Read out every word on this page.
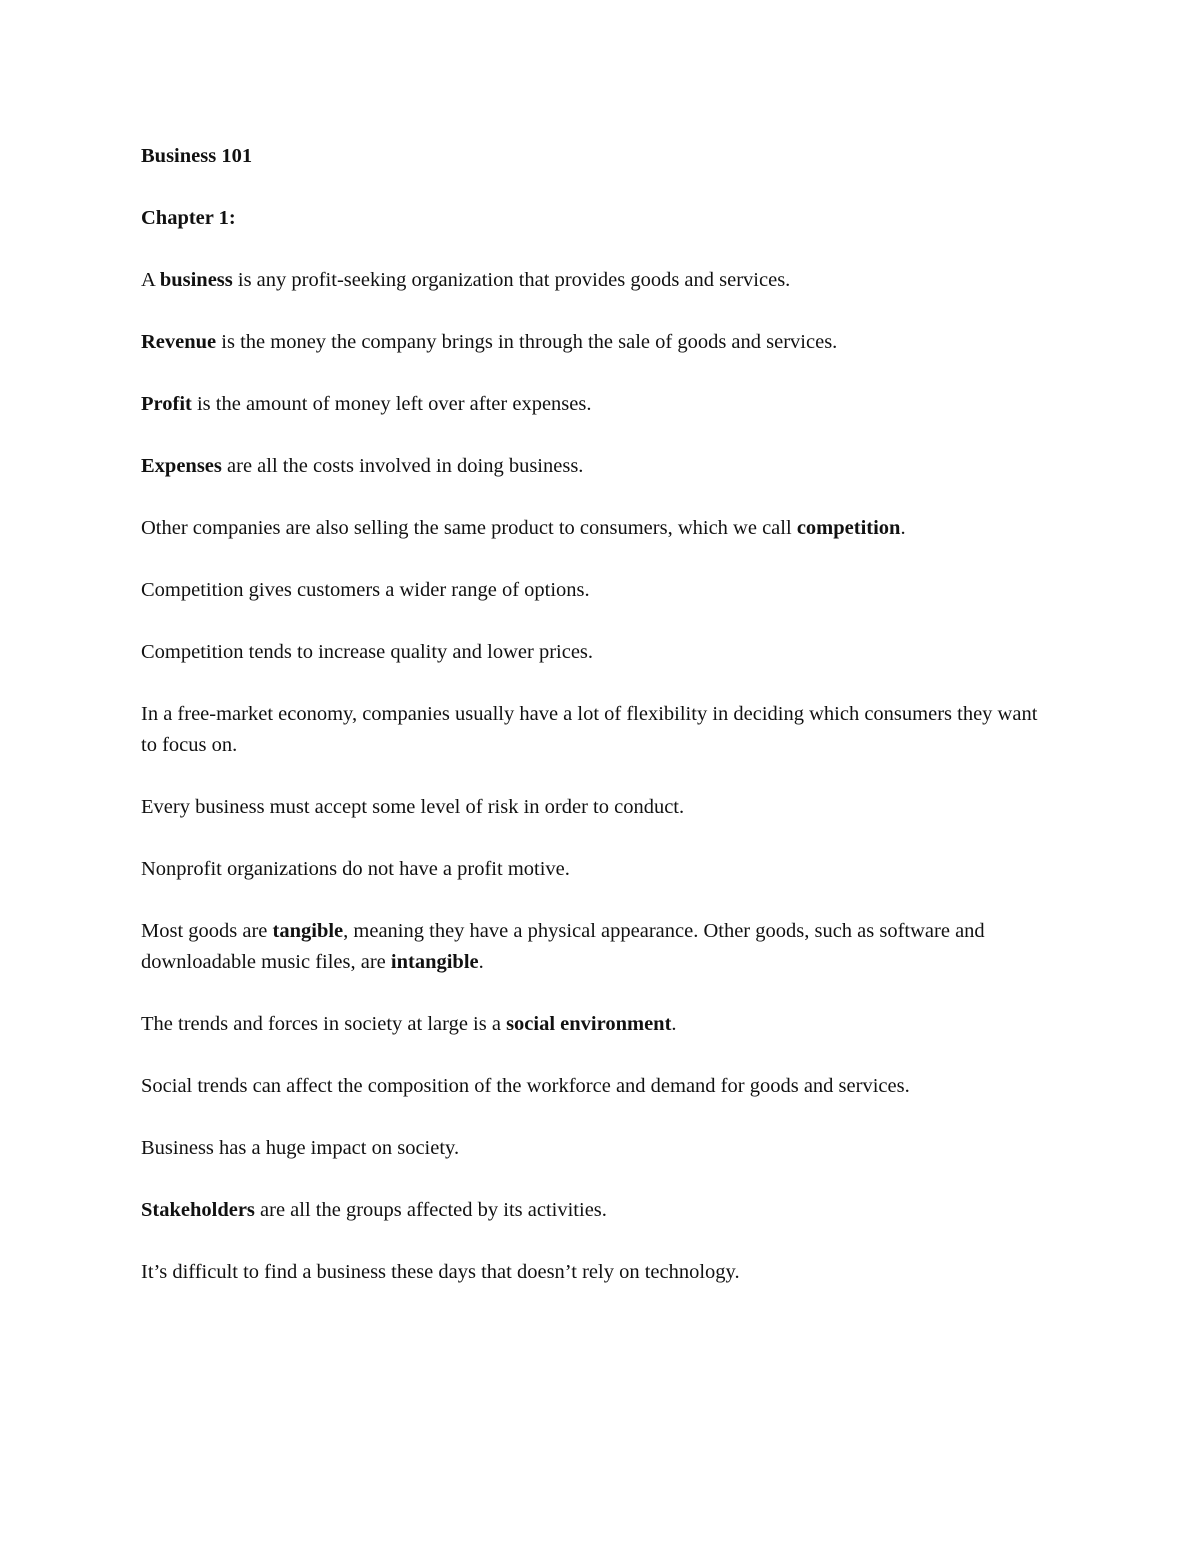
Business 101

Chapter 1:

A business is any profit-seeking organization that provides goods and services.

Revenue is the money the company brings in through the sale of goods and services.

Profit is the amount of money left over after expenses.

Expenses are all the costs involved in doing business.

Other companies are also selling the same product to consumers, which we call competition.

Competition gives customers a wider range of options.

Competition tends to increase quality and lower prices.

In a free-market economy, companies usually have a lot of flexibility in deciding which consumers they want to focus on.

Every business must accept some level of risk in order to conduct.

Nonprofit organizations do not have a profit motive.

Most goods are tangible, meaning they have a physical appearance. Other goods, such as software and downloadable music files, are intangible.

The trends and forces in society at large is a social environment.

Social trends can affect the composition of the workforce and demand for goods and services.

Business has a huge impact on society.

Stakeholders are all the groups affected by its activities.

It’s difficult to find a business these days that doesn’t rely on technology.
